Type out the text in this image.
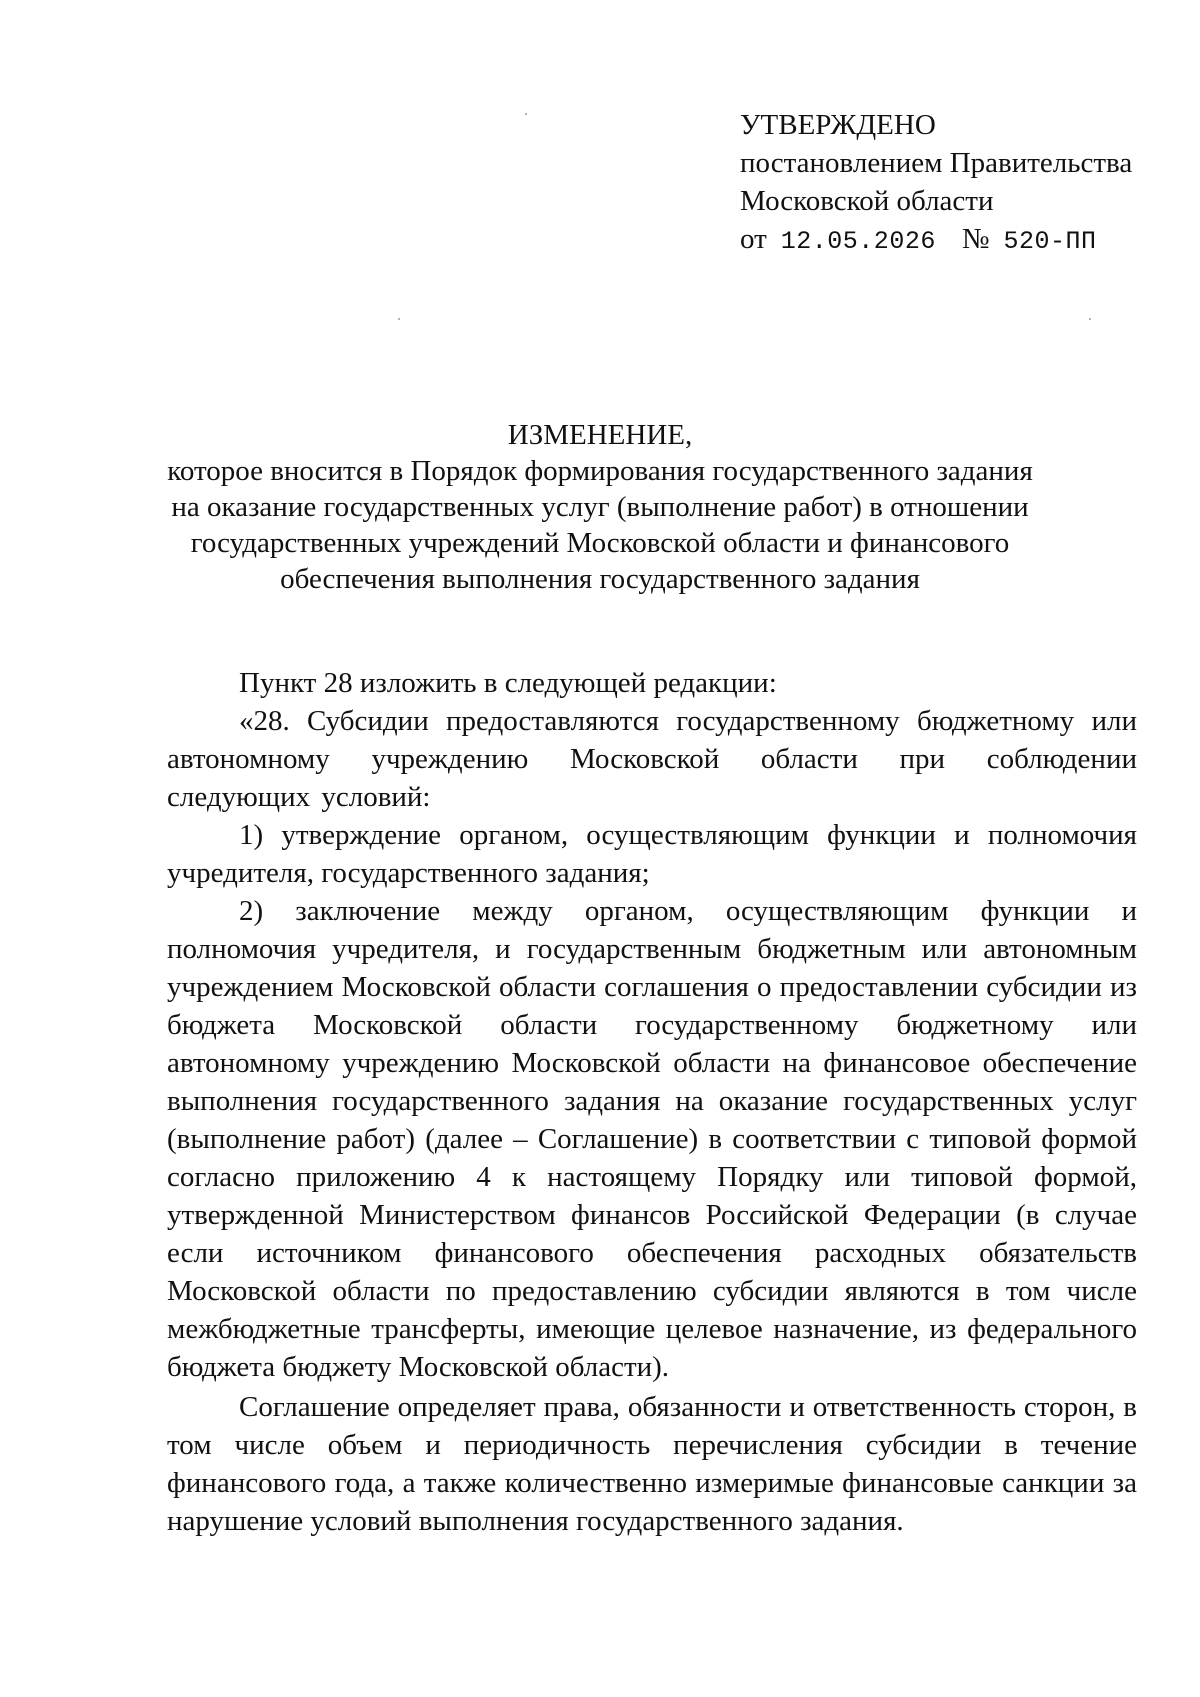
УТВЕРЖДЕНО
постановлением Правительства
Московской области
от 12.05.2026 № 520-ПП
ИЗМЕНЕНИЕ,
которое вносится в Порядок формирования государственного задания
на оказание государственных услуг (выполнение работ) в отношении
государственных учреждений Московской области и финансового
обеспечения выполнения государственного задания

Пункт 28 изложить в следующей редакции:

«28. Субсидии предоставляются государственному бюджетному или автономному учреждению Московской области при соблюдении следующих условий:

1) утверждение органом, осуществляющим функции и полномочия учредителя, государственного задания;

2) заключение между органом, осуществляющим функции и полномочия учредителя, и государственным бюджетным или автономным учреждением Московской области соглашения о предоставлении субсидии из бюджета Московской области государственному бюджетному или автономному учреждению Московской области на финансовое обеспечение выполнения государственного задания на оказание государственных услуг (выполнение работ) (далее – Соглашение) в соответствии с типовой формой согласно приложению 4 к настоящему Порядку или типовой формой, утвержденной Министерством финансов Российской Федерации (в случае если источником финансового обеспечения расходных обязательств Московской области по предоставлению субсидии являются в том числе межбюджетные трансферты, имеющие целевое назначение, из федерального бюджета бюджету Московской области).

Соглашение определяет права, обязанности и ответственность сторон, в том числе объем и периодичность перечисления субсидии в течение финансового года, а также количественно измеримые финансовые санкции за нарушение условий выполнения государственного задания.
